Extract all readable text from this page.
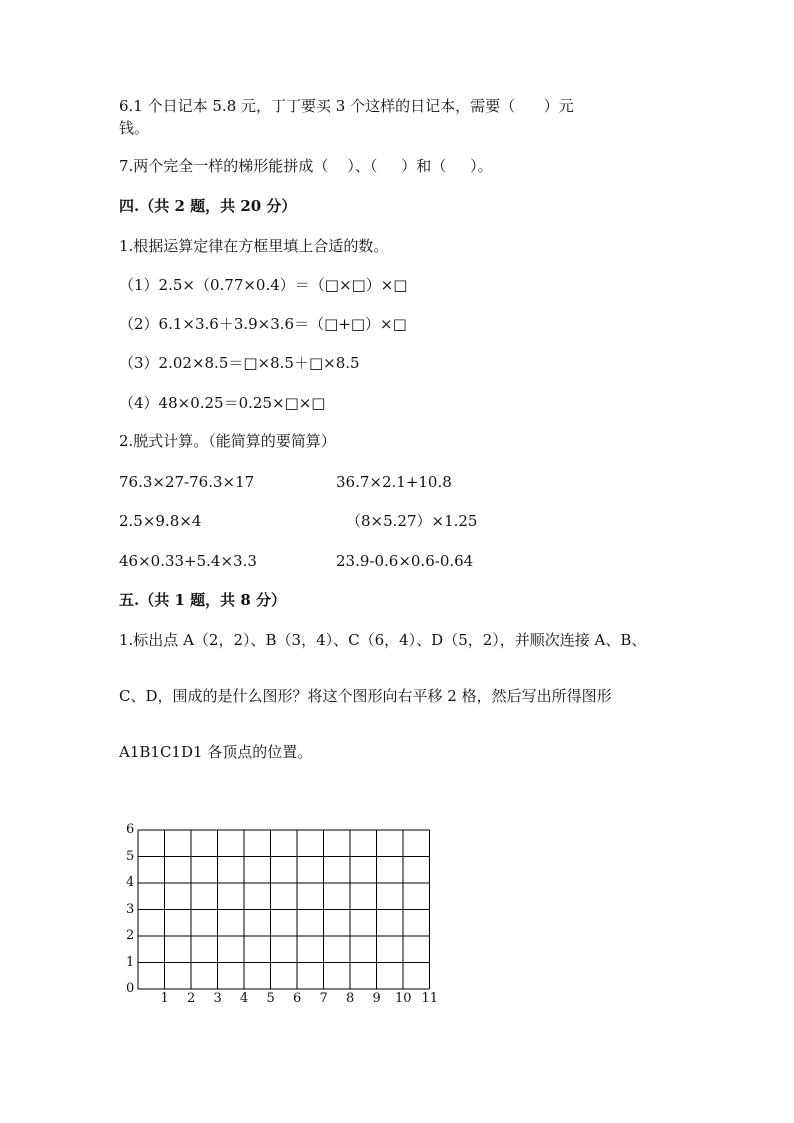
6.1 个日记本 5.8 元，丁丁要买 3 个这样的日记本，需要（      ）元
钱。
7.两个完全一样的梯形能拼成（    ）、（     ）和（     ）。
四.（共 2 题，共 20 分）
1.根据运算定律在方框里填上合适的数。
（1）2.5×（0.77×0.4）＝（□×□）×□
（2）6.1×3.6＋3.9×3.6＝（□+□）×□
（3）2.02×8.5＝□×8.5＋□×8.5
（4）48×0.25＝0.25×□×□
2.脱式计算。（能简算的要简算）
76.3×27-76.3×17	36.7×2.1+10.8
2.5×9.8×4	（8×5.27）×1.25
46×0.33+5.4×3.3	23.9-0.6×0.6-0.64
五.（共 1 题，共 8 分）
1.标出点 A（2，2）、B（3，4）、C（6，4）、D（5，2），并顺次连接 A、B、
C、D，围成的是什么图形？将这个图形向右平移 2 格，然后写出所得图形
A1B1C1D1 各顶点的位置。
0
1
2
3
4
5
6
1 2 3 4 5 6 7 8 9 10 11
